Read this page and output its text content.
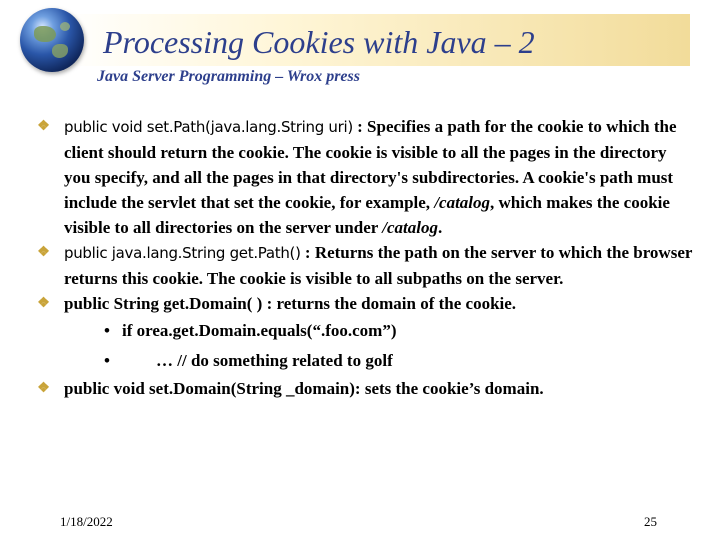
Processing Cookies with Java – 2
Java Server Programming – Wrox press
❖ public void set.Path(java.lang.String uri) : Specifies a path for the cookie to which the client should return the cookie. The cookie is visible to all the pages in the directory you specify, and all the pages in that directory's subdirectories. A cookie's path must include the servlet that set the cookie, for example, /catalog, which makes the cookie visible to all directories on the server under /catalog.
❖ public java.lang.String get.Path() : Returns the path on the server to which the browser returns this cookie. The cookie is visible to all subpaths on the server.
❖ public String get.Domain( ) : returns the domain of the cookie.
• if orea.get.Domain.equals(“.foo.com”)
•	… // do something related to golf
❖ public void set.Domain(String _domain): sets the cookie’s domain.
1/18/2022	25
